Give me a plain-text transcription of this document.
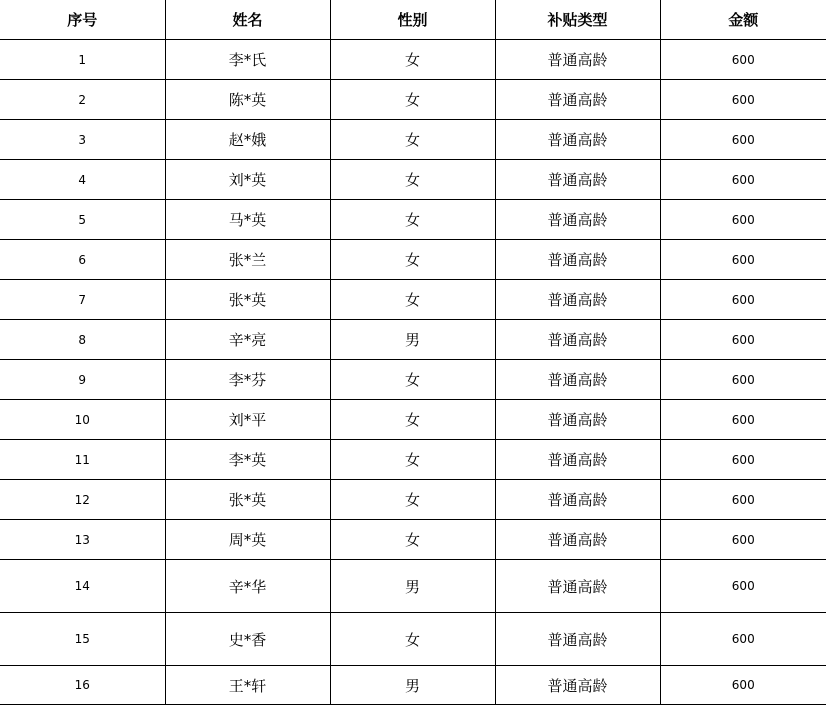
序号	姓名	性别	补贴类型	金额
1	李*氏	女	普通高龄	600
2	陈*英	女	普通高龄	600
3	赵*娥	女	普通高龄	600
4	刘*英	女	普通高龄	600
5	马*英	女	普通高龄	600
6	张*兰	女	普通高龄	600
7	张*英	女	普通高龄	600
8	辛*亮	男	普通高龄	600
9	李*芬	女	普通高龄	600
10	刘*平	女	普通高龄	600
11	李*英	女	普通高龄	600
12	张*英	女	普通高龄	600
13	周*英	女	普通高龄	600
14	辛*华	男	普通高龄	600
15	史*香	女	普通高龄	600
16	王*轩	男	普通高龄	600
